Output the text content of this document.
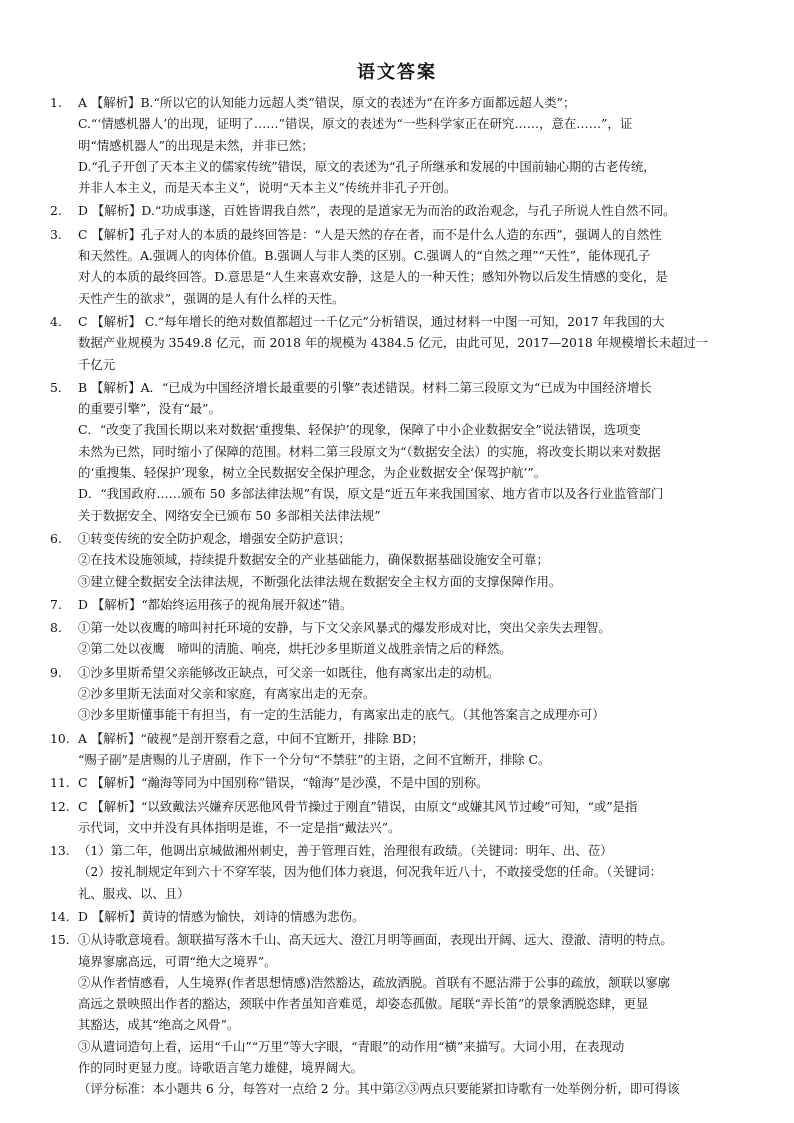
语文答案
1. A 【解析】B.“所以它的认知能力远超人类”错误，原文的表述为“在许多方面都远超人类”；
C.“‘情感机器人’的出现，证明了……”错误，原文的表述为“一些科学家正在研究……，意在……”，证
明“情感机器人”的出现是未然，并非已然；
D.“孔子开创了天本主义的儒家传统”错误，原文的表述为“孔子所继承和发展的中国前轴心期的古老传统，
并非人本主义，而是天本主义”，说明“天本主义”传统并非孔子开创。
2. D 【解析】D.“功成事遂，百姓皆谓我自然”，表现的是道家无为而治的政治观念，与孔子所说人性自然不同。
3. C 【解析】孔子对人的本质的最终回答是：“人是天然的存在者，而不是什么人造的东西”，强调人的自然性
和天然性。A.强调人的肉体价值。B.强调人与非人类的区别。C.强调人的“自然之理”“天性”，能体现孔子
对人的本质的最终回答。D.意思是“人生来喜欢安静，这是人的一种天性；感知外物以后发生情感的变化，是
天性产生的欲求”，强调的是人有什么样的天性。
4. C 【解析】 C.“每年增长的绝对数值都超过一千亿元”分析错误，通过材料一中图一可知，2017 年我国的大
数据产业规模为 3549.8 亿元，而 2018 年的规模为 4384.5 亿元，由此可见，2017—2018 年规模增长未超过一
千亿元
5. B 【解析】A．“已成为中国经济增长最重要的引擎”表述错误。材料二第三段原文为“已成为中国经济增长
的重要引擎”，没有“最”。
C．“改变了我国长期以来对数据‘重搜集、轻保护’的现象，保障了中小企业数据安全”说法错误，选项变
未然为已然，同时缩小了保障的范围。材料二第三段原文为“（数据安全法）的实施，将改变长期以来对数据
的‘重搜集、轻保护’现象，树立全民数据安全保护理念，为企业数据安全‘保驾护航’”。
D．“我国政府……颁布 50 多部法律法规”有误，原文是“近五年来我国国家、地方省市以及各行业监管部门
关于数据安全、网络安全已颁布 50 多部相关法律法规”
6. ①转变传统的安全防护观念，增强安全防护意识；
②在技术设施领域，持续提升数据安全的产业基础能力，确保数据基础设施安全可靠；
③建立健全数据安全法律法规，不断强化法律法规在数据安全主权方面的支撑保障作用。
7. D 【解析】“都始终运用孩子的视角展开叙述”错。
8. ①第一处以夜鹰的啼叫衬托环境的安静，与下文父亲风暴式的爆发形成对比，突出父亲失去理智。
②第二处以夜鹰　啼叫的清脆、响亮，烘托沙多里斯道义战胜亲情之后的释然。
9. ①沙多里斯希望父亲能够改正缺点，可父亲一如既往，他有离家出走的动机。
②沙多里斯无法面对父亲和家庭，有离家出走的无奈。
③沙多里斯懂事能干有担当，有一定的生活能力，有离家出走的底气。（其他答案言之成理亦可）
10. A 【解析】“破视”是剖开察看之意，中间不宜断开，排除 BD；
“赐子副”是唐赐的儿子唐副，作下一个分句“不禁驻”的主语，之间不宜断开，排除 C。
11. C 【解析】“瀚海等同为中国别称”错误，“翰海”是沙漠，不是中国的别称。
12. C 【解析】“以致戴法兴嫌弃厌恶他风骨节操过于刚直”错误，由原文“或嫌其风节过峻”可知，“或”是指
示代词，文中并没有具体指明是谁，不一定是指“戴法兴”。
13. （1）第二年，他调出京城做湘州刺史，善于管理百姓，治理很有政绩。（关键词：明年、出、莅）
（2）按礼制规定年到六十不穿军装，因为他们体力衰退，何况我年近八十，不敢接受您的任命。（关键词：
礼、服戎、以、且）
14. D 【解析】黄诗的情感为愉快，刘诗的情感为悲伤。
15. ①从诗歌意境看。颔联描写落木千山、高天远大、澄江月明等画面，表现出开阔、远大、澄澈、清明的特点。
境界寥廓高远，可谓“绝大之境界”。
②从作者情感看，人生境界(作者思想情感)浩然豁达，疏放洒脱。首联有不愿沾滞于公事的疏放，颔联以寥廓
高远之景映照出作者的豁达，颈联中作者虽知音难觅，却姿态孤傲。尾联“弄长笛”的景象洒脱恣肆，更显
其豁达，成其“绝高之风骨”。
③从遣词造句上看，运用“千山”“万里”等大字眼，“青眼”的动作用“横”来描写。大词小用，在表现动
作的同时更显力度。诗歌语言笔力雄健，境界阔大。
（评分标准：本小题共 6 分，每答对一点给 2 分。其中第②③两点只要能紧扣诗歌有一处举例分析，即可得该
